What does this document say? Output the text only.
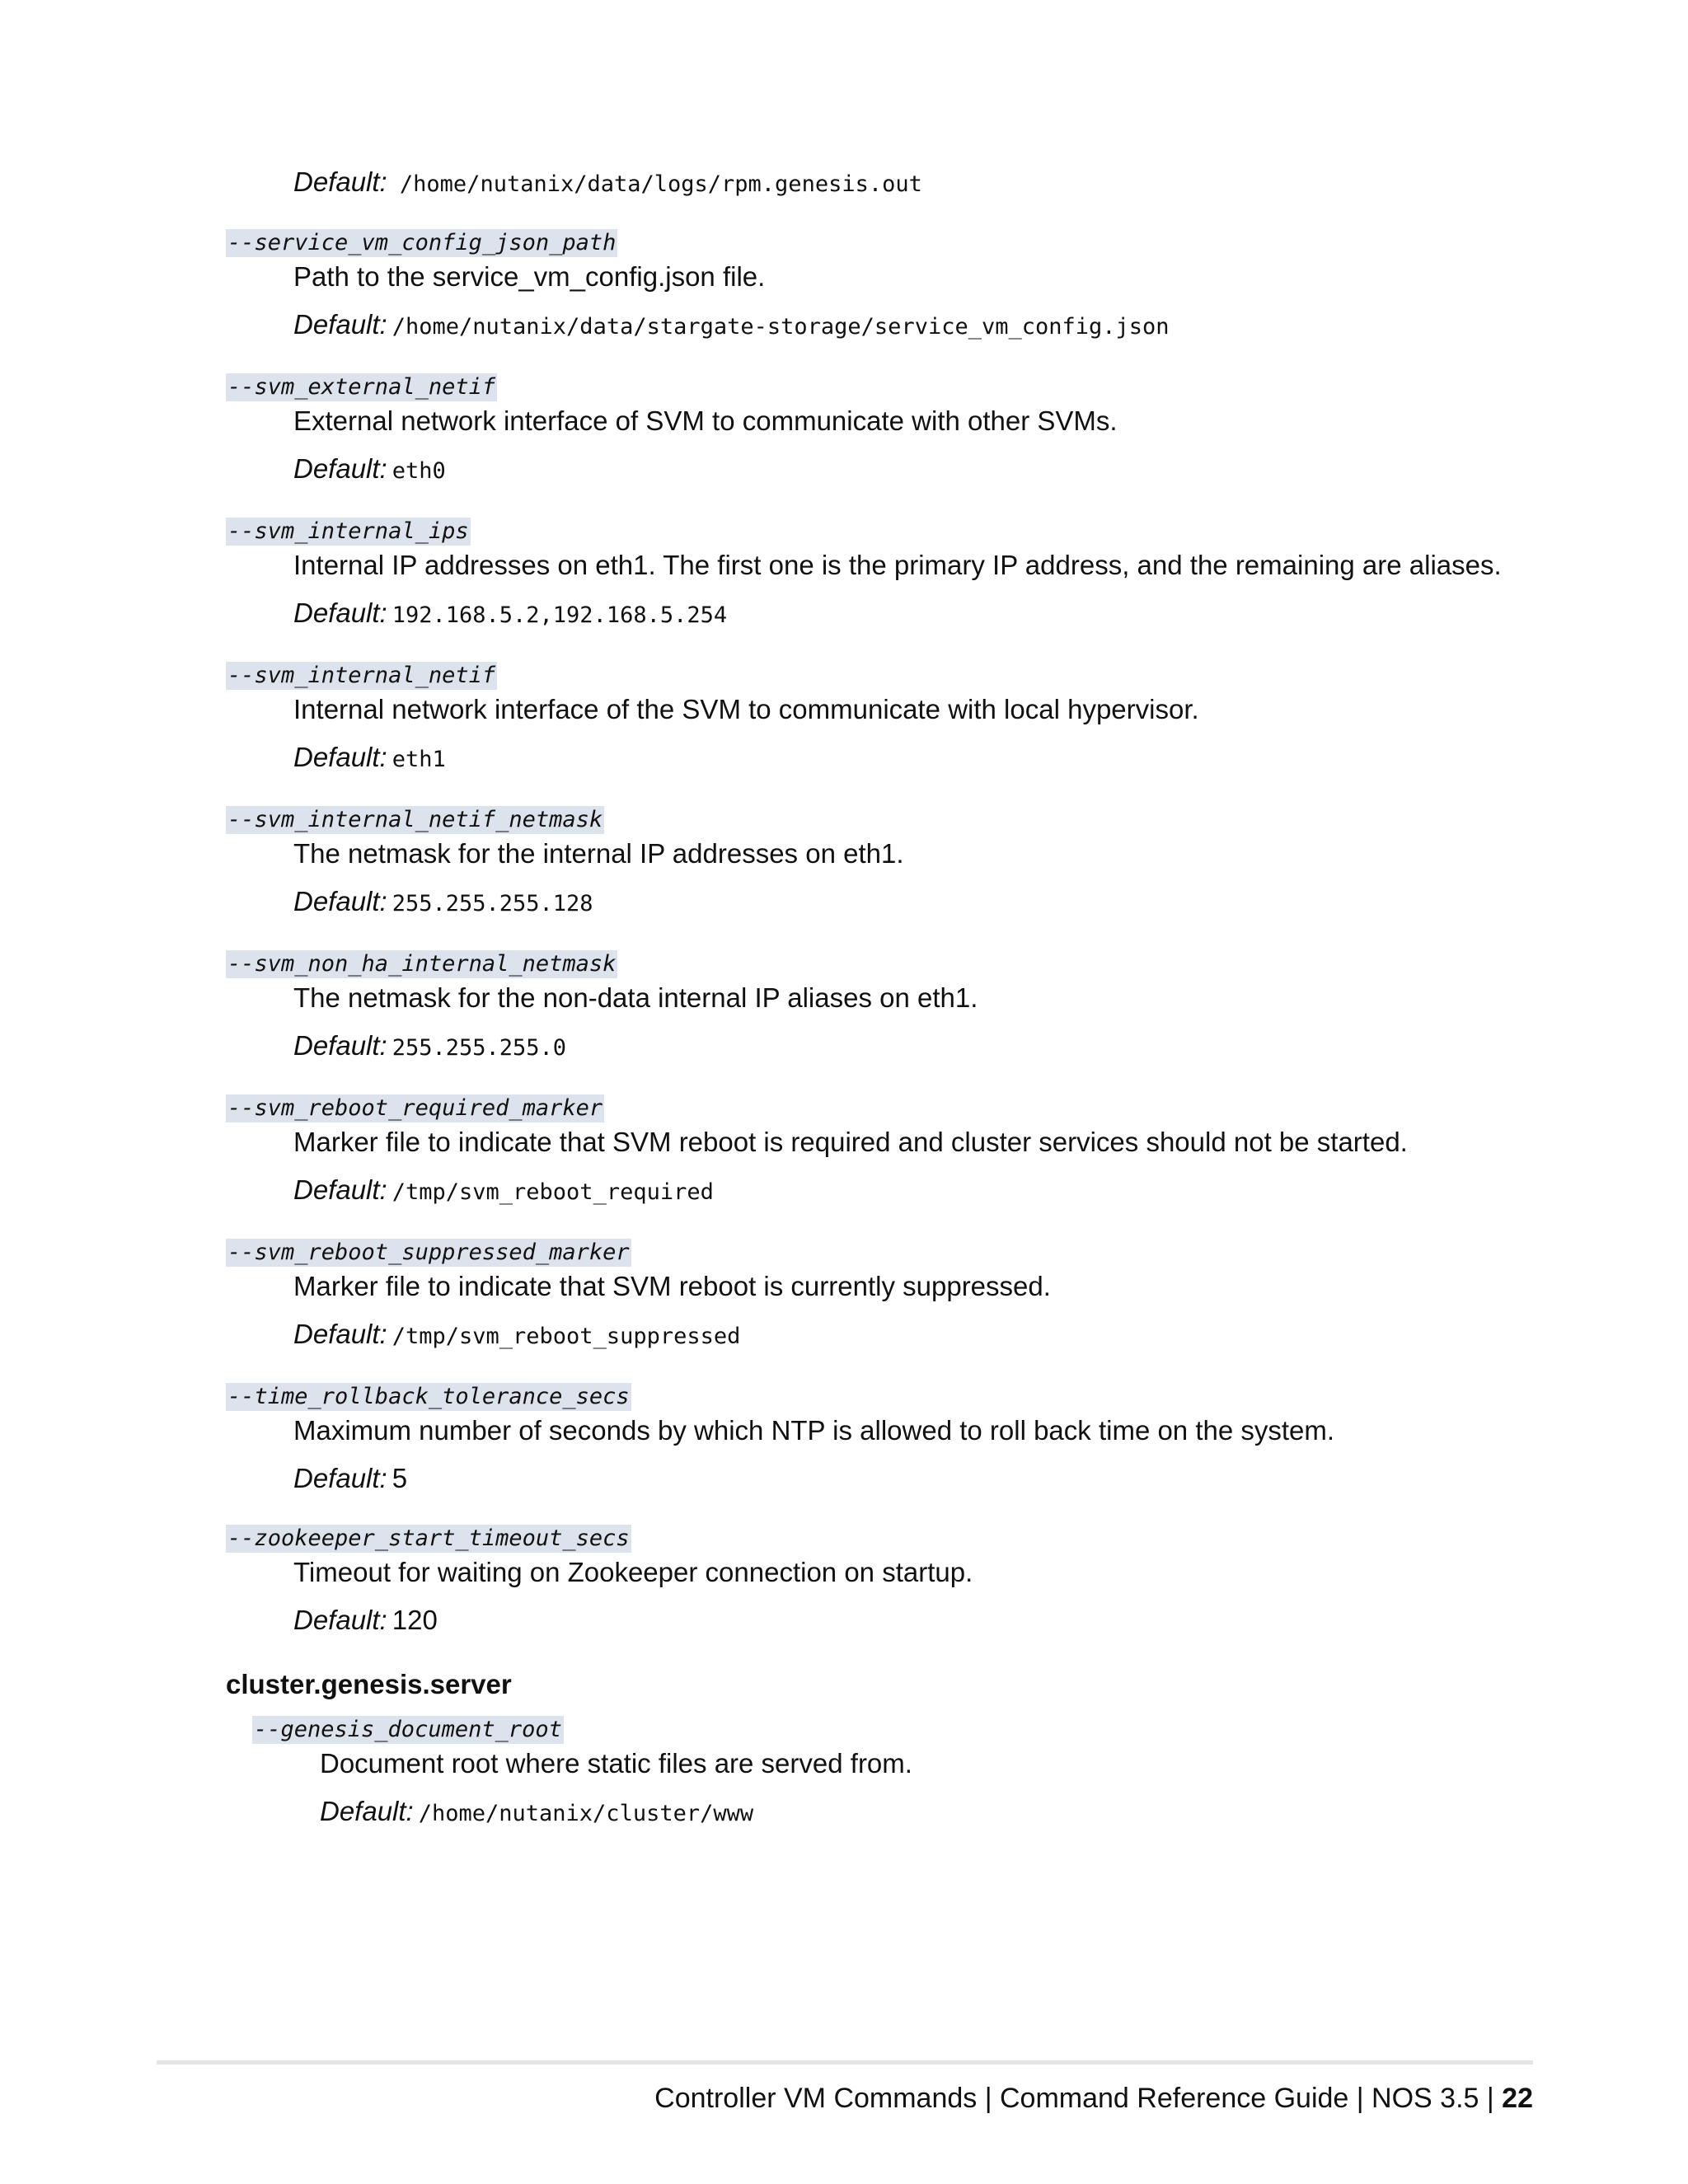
Default: /home/nutanix/data/logs/rpm.genesis.out
--service_vm_config_json_path
Path to the service_vm_config.json file.
Default: /home/nutanix/data/stargate-storage/service_vm_config.json
--svm_external_netif
External network interface of SVM to communicate with other SVMs.
Default: eth0
--svm_internal_ips
Internal IP addresses on eth1. The first one is the primary IP address, and the remaining are aliases.
Default: 192.168.5.2,192.168.5.254
--svm_internal_netif
Internal network interface of the SVM to communicate with local hypervisor.
Default: eth1
--svm_internal_netif_netmask
The netmask for the internal IP addresses on eth1.
Default: 255.255.255.128
--svm_non_ha_internal_netmask
The netmask for the non-data internal IP aliases on eth1.
Default: 255.255.255.0
--svm_reboot_required_marker
Marker file to indicate that SVM reboot is required and cluster services should not be started.
Default: /tmp/svm_reboot_required
--svm_reboot_suppressed_marker
Marker file to indicate that SVM reboot is currently suppressed.
Default: /tmp/svm_reboot_suppressed
--time_rollback_tolerance_secs
Maximum number of seconds by which NTP is allowed to roll back time on the system.
Default: 5
--zookeeper_start_timeout_secs
Timeout for waiting on Zookeeper connection on startup.
Default: 120
cluster.genesis.server
--genesis_document_root
Document root where static files are served from.
Default: /home/nutanix/cluster/www
Controller VM Commands | Command Reference Guide | NOS 3.5 | 22
